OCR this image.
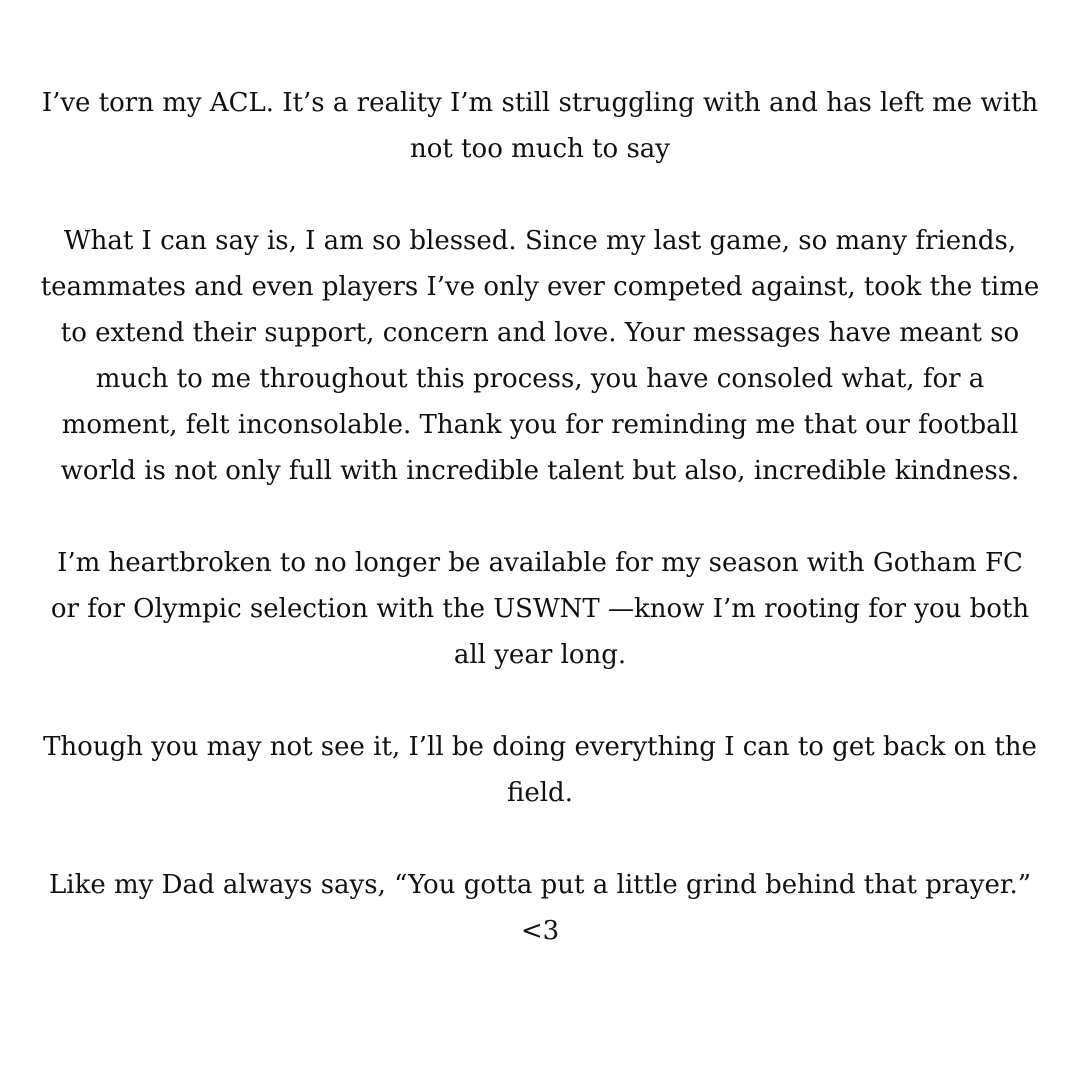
I’ve torn my ACL. It’s a reality I’m still struggling with and has left me with not too much to say

What I can say is, I am so blessed. Since my last game, so many friends, teammates and even players I’ve only ever competed against, took the time to extend their support, concern and love. Your messages have meant so much to me throughout this process, you have consoled what, for a moment, felt inconsolable. Thank you for reminding me that our football world is not only full with incredible talent but also, incredible kindness.

I’m heartbroken to no longer be available for my season with Gotham FC or for Olympic selection with the USWNT —know I’m rooting for you both all year long.

Though you may not see it, I’ll be doing everything I can to get back on the field.

Like my Dad always says, “You gotta put a little grind behind that prayer.” <3
